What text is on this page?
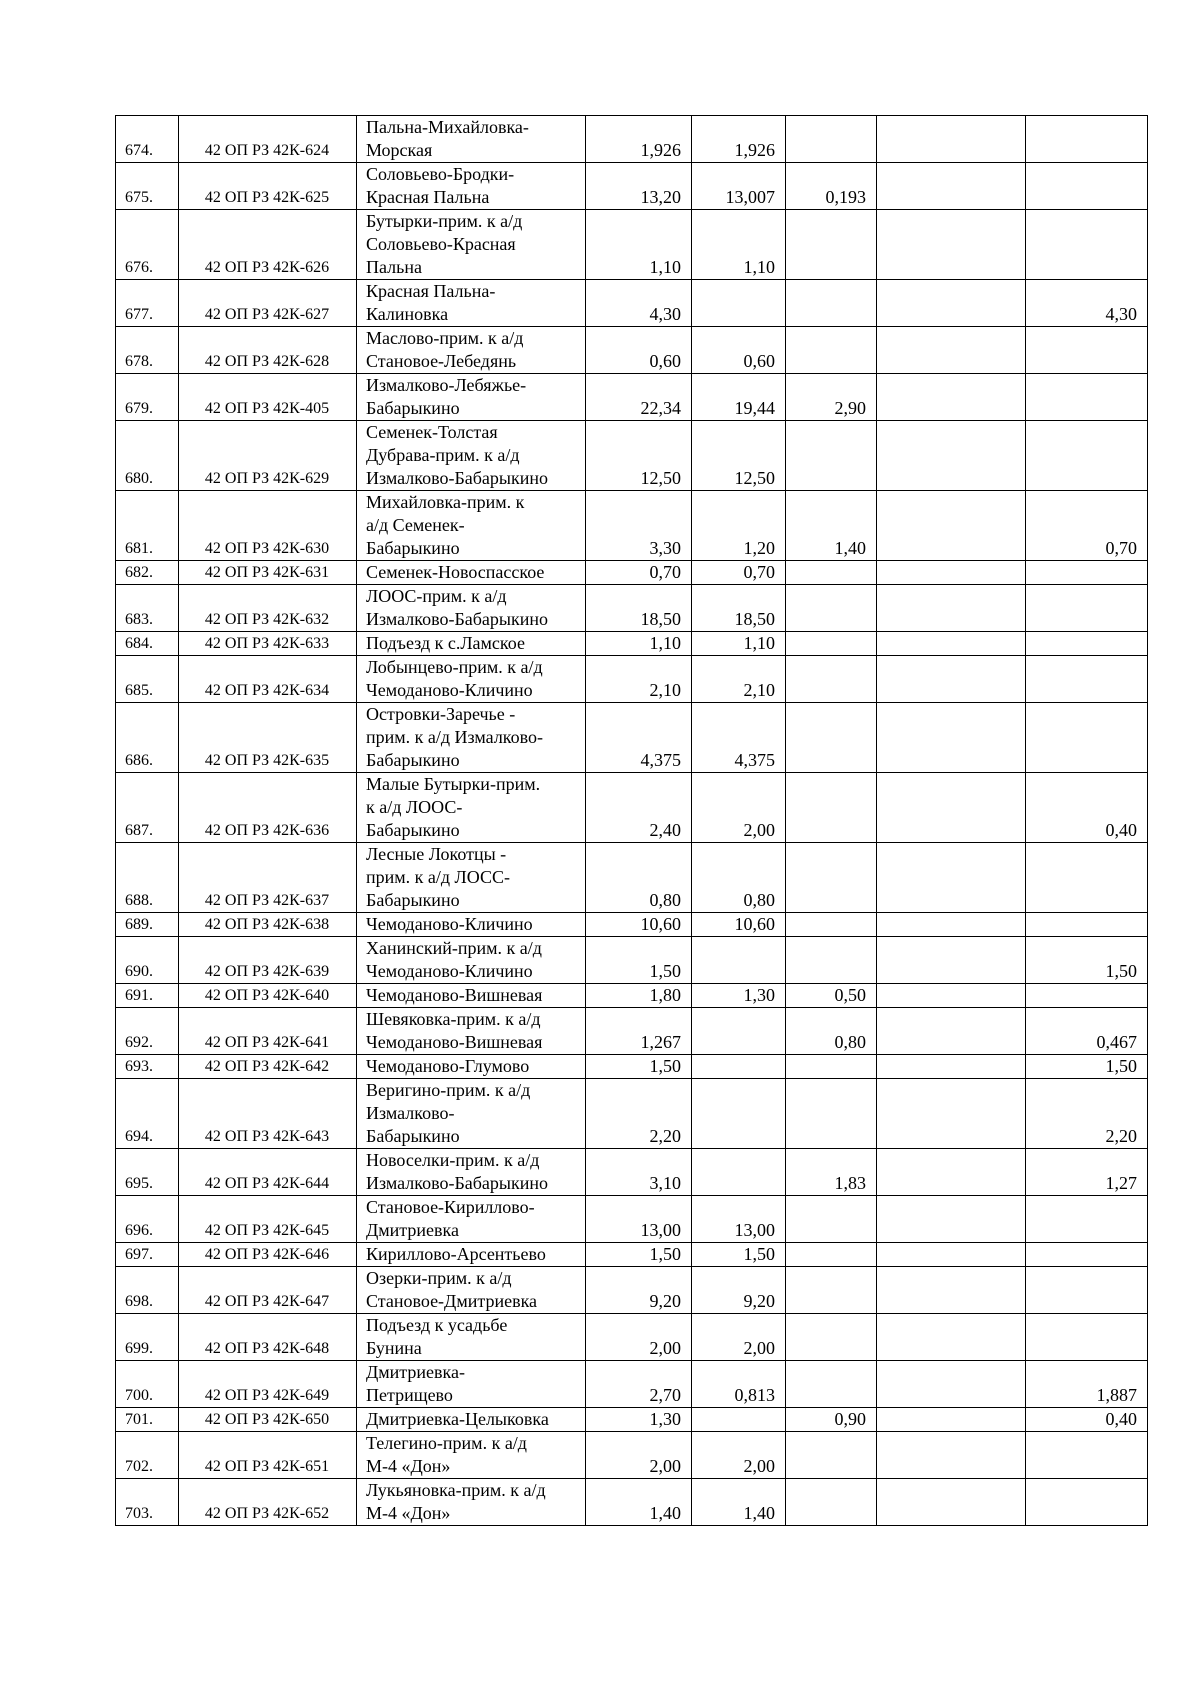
674.	42 ОП РЗ 42К-624	Пальна-Михайловка-
Морская	1,926	1,926			
675.	42 ОП РЗ 42К-625	Соловьево-Бродки-
Красная Пальна	13,20	13,007	0,193		
676.	42 ОП РЗ 42К-626	Бутырки-прим. к а/д
Соловьево-Красная
Пальна	1,10	1,10			
677.	42 ОП РЗ 42К-627	Красная Пальна-
Калиновка	4,30				4,30
678.	42 ОП РЗ 42К-628	Маслово-прим. к а/д
Становое-Лебедянь	0,60	0,60			
679.	42 ОП РЗ 42К-405	Измалково-Лебяжье-
Бабарыкино	22,34	19,44	2,90		
680.	42 ОП РЗ 42К-629	Семенек-Толстая
Дубрава-прим. к а/д
Измалково-Бабарыкино	12,50	12,50			
681.	42 ОП РЗ 42К-630	Михайловка-прим. к
а/д Семенек-
Бабарыкино	3,30	1,20	1,40		0,70
682.	42 ОП РЗ 42К-631	Семенек-Новоспасское	0,70	0,70			
683.	42 ОП РЗ 42К-632	ЛООС-прим. к а/д
Измалково-Бабарыкино	18,50	18,50			
684.	42 ОП РЗ 42К-633	Подъезд к с.Ламское	1,10	1,10			
685.	42 ОП РЗ 42К-634	Лобынцево-прим. к а/д
Чемоданово-Кличино	2,10	2,10			
686.	42 ОП РЗ 42К-635	Островки-Заречье -
прим. к а/д Измалково-
Бабарыкино	4,375	4,375			
687.	42 ОП РЗ 42К-636	Малые Бутырки-прим.
к а/д ЛООС-
Бабарыкино	2,40	2,00			0,40
688.	42 ОП РЗ 42К-637	Лесные Локотцы -
прим. к а/д ЛОСС-
Бабарыкино	0,80	0,80			
689.	42 ОП РЗ 42К-638	Чемоданово-Кличино	10,60	10,60			
690.	42 ОП РЗ 42К-639	Ханинский-прим. к а/д
Чемоданово-Кличино	1,50				1,50
691.	42 ОП РЗ 42К-640	Чемоданово-Вишневая	1,80	1,30	0,50		
692.	42 ОП РЗ 42К-641	Шевяковка-прим. к а/д
Чемоданово-Вишневая	1,267		0,80		0,467
693.	42 ОП РЗ 42К-642	Чемоданово-Глумово	1,50				1,50
694.	42 ОП РЗ 42К-643	Веригино-прим. к а/д
Измалково-
Бабарыкино	2,20				2,20
695.	42 ОП РЗ 42К-644	Новоселки-прим. к а/д
Измалково-Бабарыкино	3,10		1,83		1,27
696.	42 ОП РЗ 42К-645	Становое-Кириллово-
Дмитриевка	13,00	13,00			
697.	42 ОП РЗ 42К-646	Кириллово-Арсентьево	1,50	1,50			
698.	42 ОП РЗ 42К-647	Озерки-прим. к а/д
Становое-Дмитриевка	9,20	9,20			
699.	42 ОП РЗ 42К-648	Подъезд к усадьбе
Бунина	2,00	2,00			
700.	42 ОП РЗ 42К-649	Дмитриевка-
Петрищево	2,70	0,813			1,887
701.	42 ОП РЗ 42К-650	Дмитриевка-Целыковка	1,30		0,90		0,40
702.	42 ОП РЗ 42К-651	Телегино-прим. к а/д
М-4 «Дон»	2,00	2,00			
703.	42 ОП РЗ 42К-652	Лукьяновка-прим. к а/д
М-4 «Дон»	1,40	1,40			
